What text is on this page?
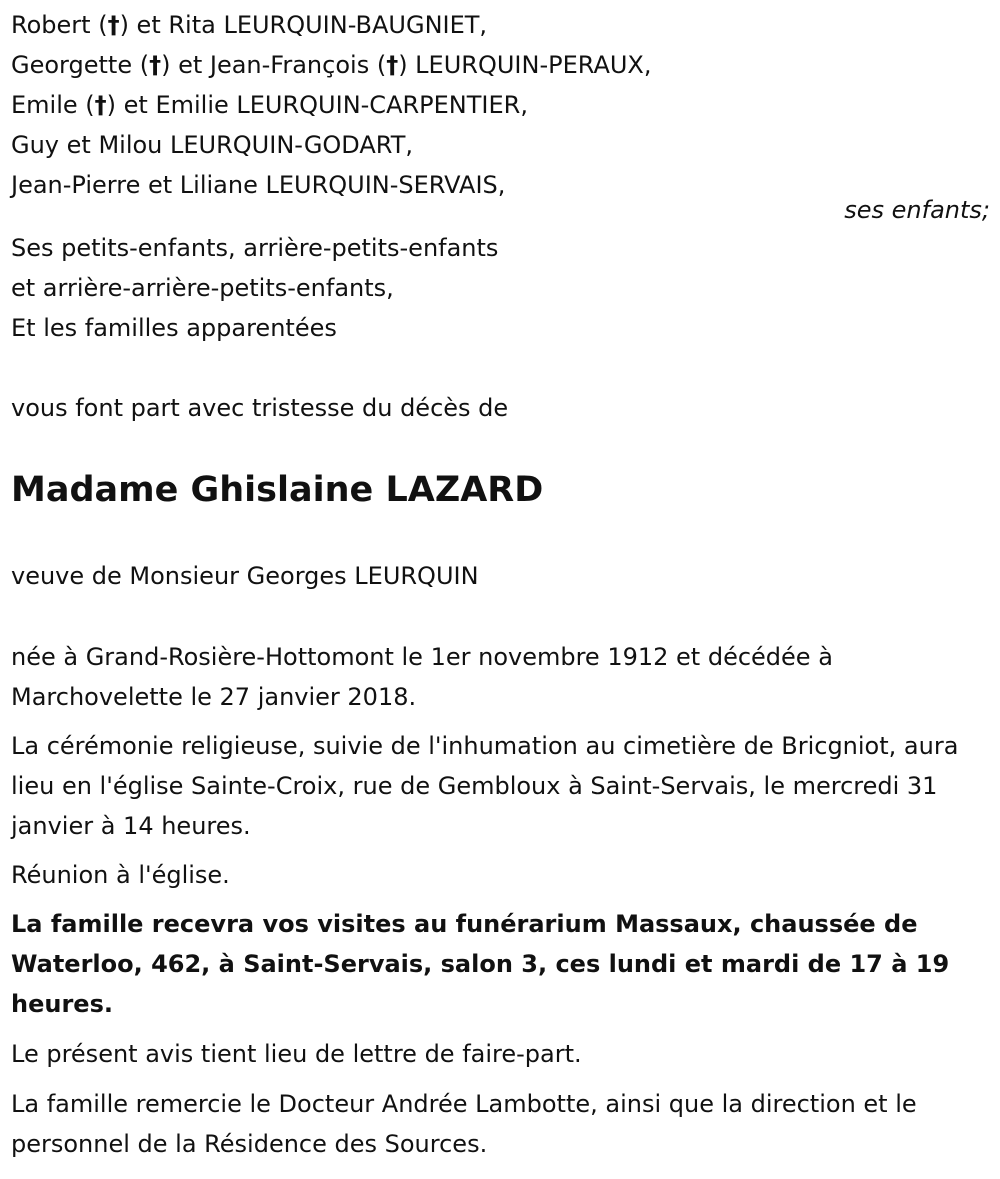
Robert (†) et Rita LEURQUIN-BAUGNIET,
Georgette (†) et Jean-François (†) LEURQUIN-PERAUX,
Emile (†) et Emilie LEURQUIN-CARPENTIER,
Guy et Milou LEURQUIN-GODART,
Jean-Pierre et Liliane LEURQUIN-SERVAIS,
ses enfants;
Ses petits-enfants, arrière-petits-enfants
et arrière-arrière-petits-enfants,
Et les familles apparentées

vous font part avec tristesse du décès de

Madame Ghislaine LAZARD

veuve de Monsieur Georges LEURQUIN

née à Grand-Rosière-Hottomont le 1er novembre 1912 et décédée à Marchovelette le 27 janvier 2018.

La cérémonie religieuse, suivie de l'inhumation au cimetière de Bricgniot, aura lieu en l'église Sainte-Croix, rue de Gembloux à Saint-Servais, le mercredi 31 janvier à 14 heures.

Réunion à l'église.

La famille recevra vos visites au funérarium Massaux, chaussée de Waterloo, 462, à Saint-Servais, salon 3, ces lundi et mardi de 17 à 19 heures.

Le présent avis tient lieu de lettre de faire-part.

La famille remercie le Docteur Andrée Lambotte, ainsi que la direction et le personnel de la Résidence des Sources.
